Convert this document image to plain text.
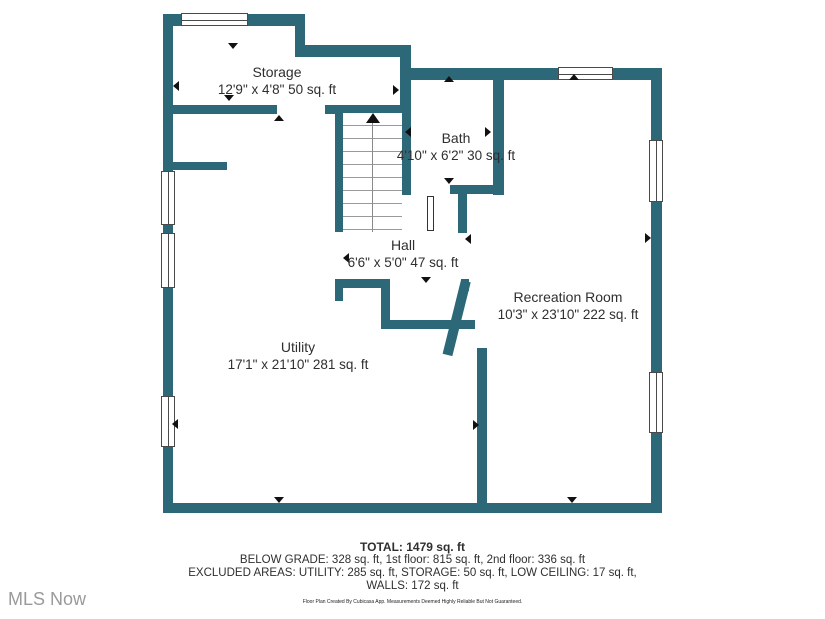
Storage
12'9" x 4'8" 50 sq. ft
Bath
4'10" x 6'2" 30 sq. ft
Hall
6'6" x 5'0" 47 sq. ft
Recreation Room
10'3" x 23'10" 222 sq. ft
Utility
17'1" x 21'10" 281 sq. ft
TOTAL: 1479 sq. ft
BELOW GRADE: 328 sq. ft, 1st floor: 815 sq. ft, 2nd floor: 336 sq. ft
EXCLUDED AREAS: UTILITY: 285 sq. ft, STORAGE: 50 sq. ft, LOW CEILING: 17 sq. ft,
WALLS: 172 sq. ft
Floor Plan Created By Cubicasa App. Measurements Deemed Highly Reliable But Not Guaranteed.
MLS Now
